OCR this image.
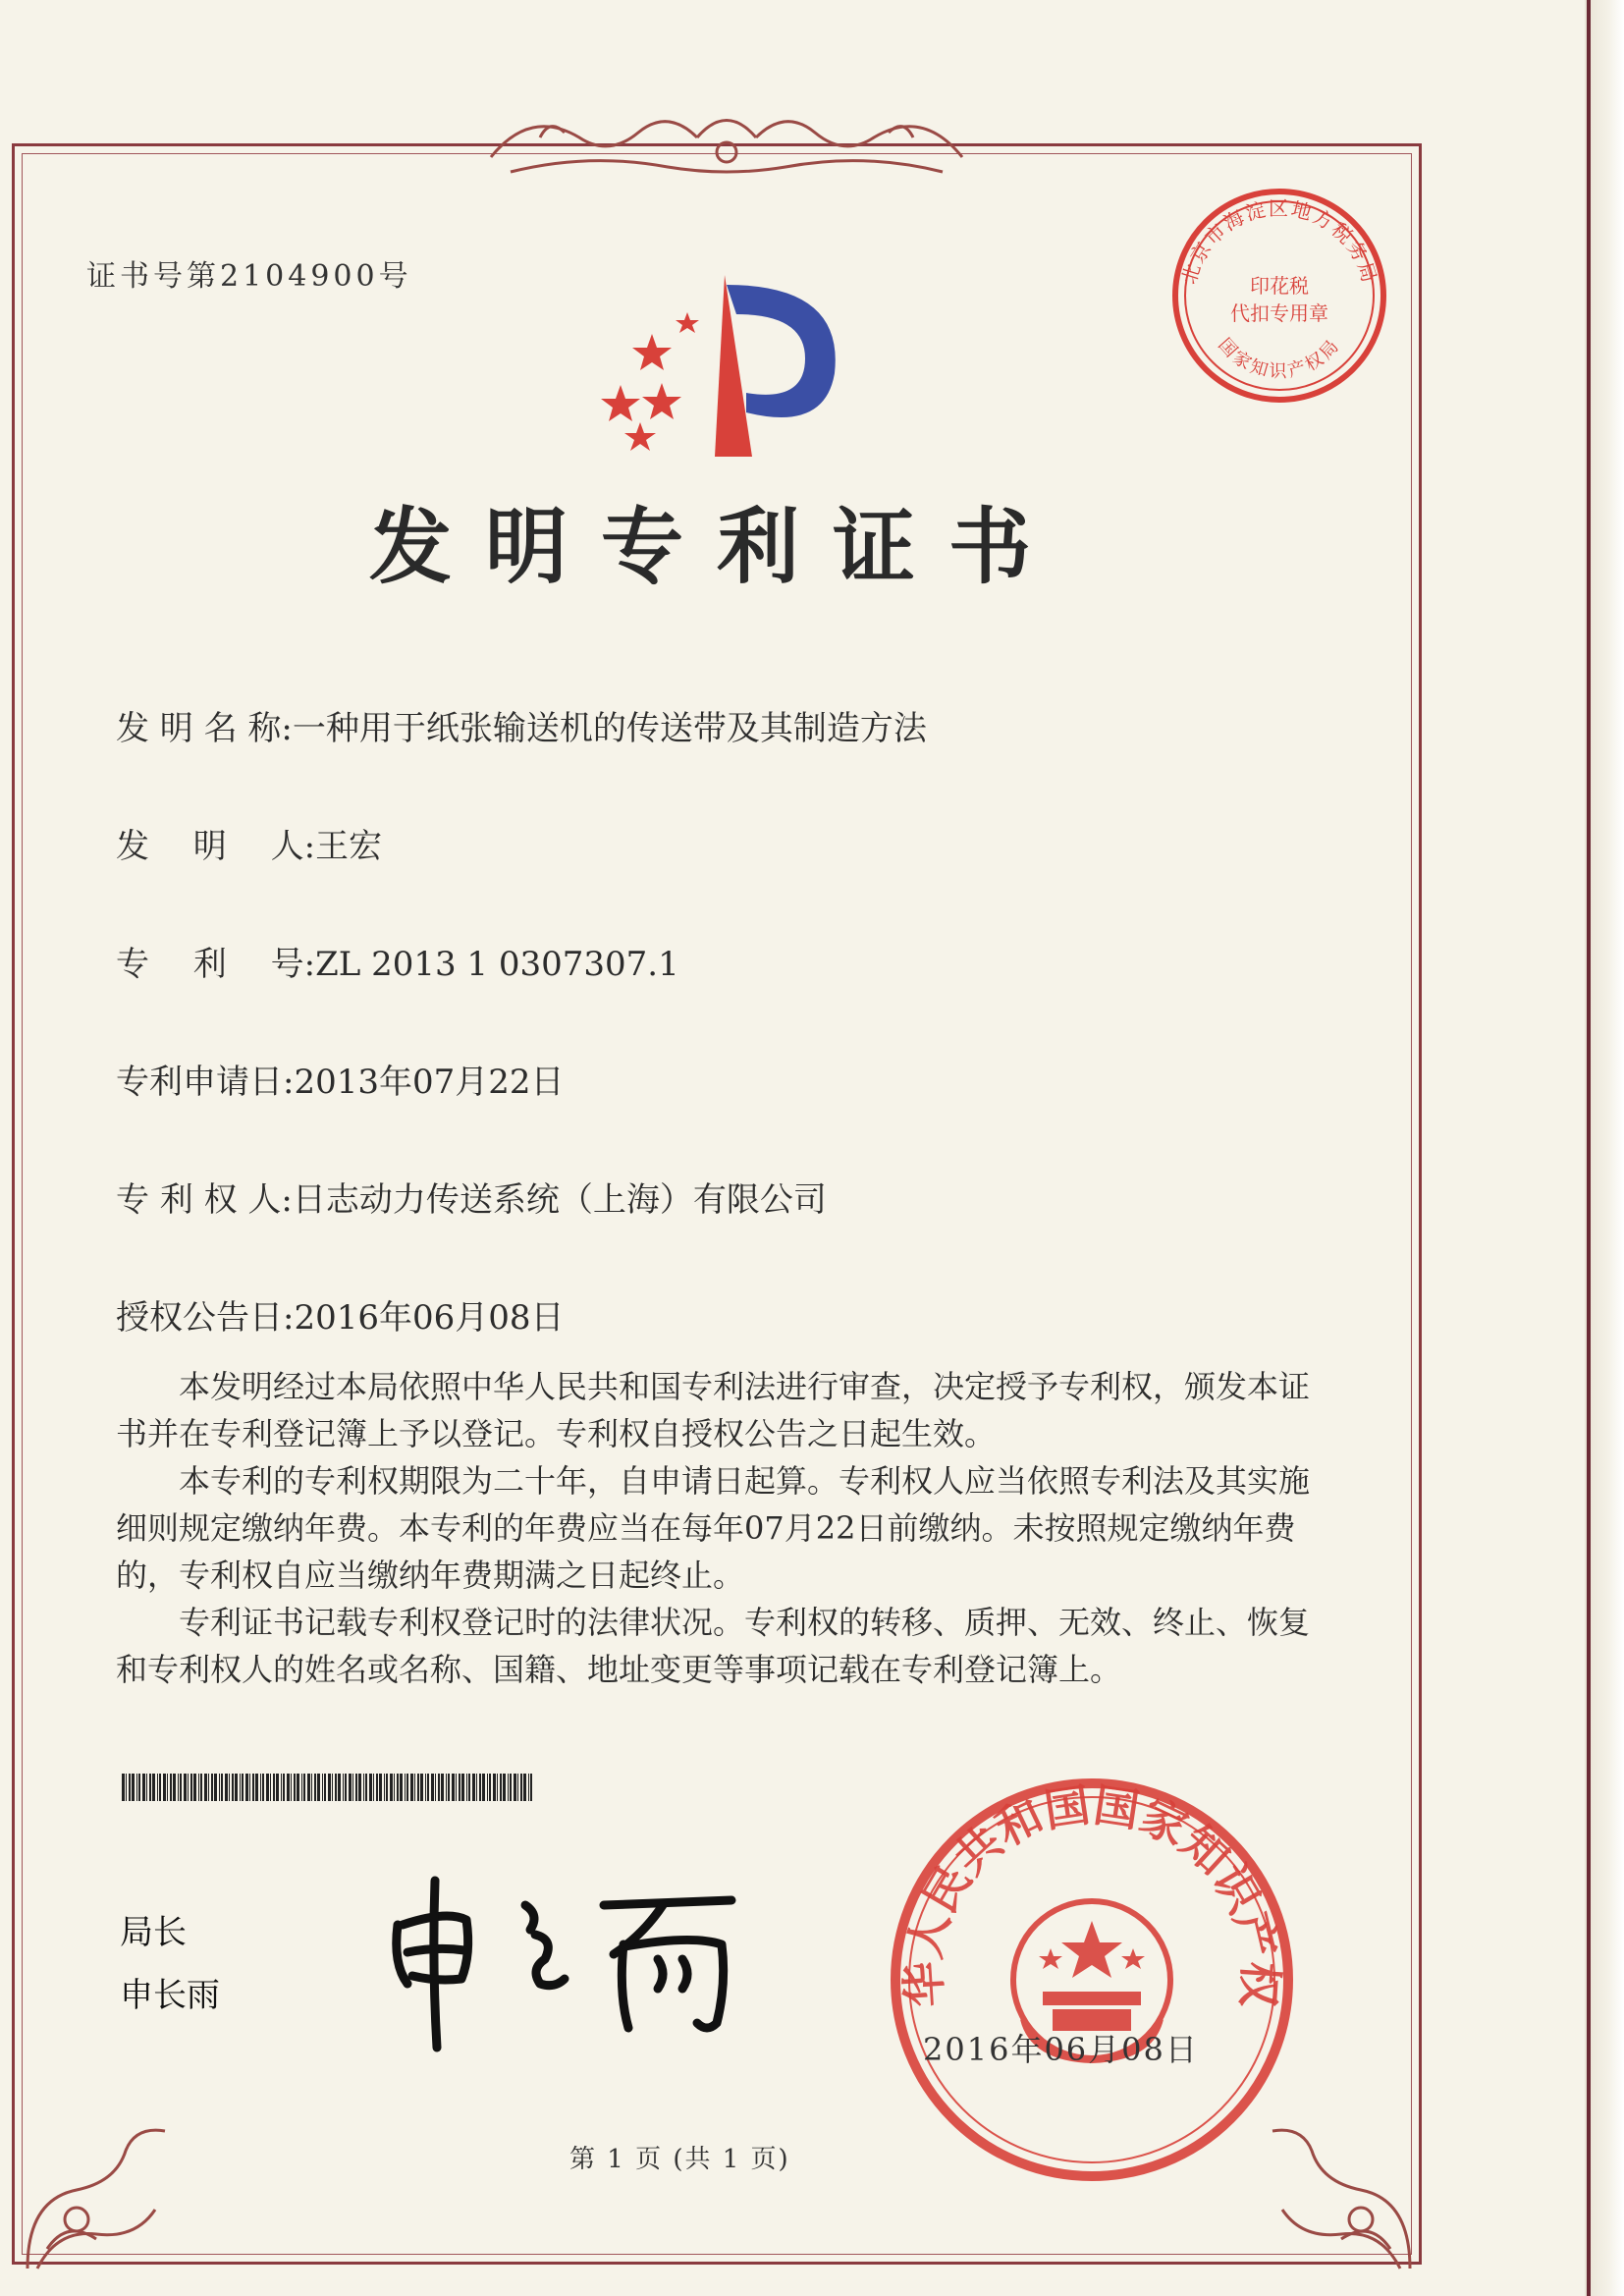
证书号第2104900号	北京市海淀区地方税务局
国家知识产权局
印花税
代扣专用章
发明专利证书
发 明 名 称:一种用于纸张输送机的传送带及其制造方法
发　 明 　人:王宏
专　 利 　号:ZL 2013 1 0307307.1
专利申请日:2013年07月22日
专 利 权 人:日志动力传送系统（上海）有限公司
授权公告日:2016年06月08日

本发明经过本局依照中华人民共和国专利法进行审查，决定授予专利权，颁发本证书并在专利登记簿上予以登记。专利权自授权公告之日起生效。

本专利的专利权期限为二十年，自申请日起算。专利权人应当依照专利法及其实施细则规定缴纳年费。本专利的年费应当在每年07月22日前缴纳。未按照规定缴纳年费的，专利权自应当缴纳年费期满之日起终止。

专利证书记载专利权登记时的法律状况。专利权的转移、质押、无效、终止、恢复和专利权人的姓名或名称、国籍、地址变更等事项记载在专利登记簿上。

局长
申长雨	华人民共和国国家知识产权
2016年06月08日
第 1 页 (共 1 页)
